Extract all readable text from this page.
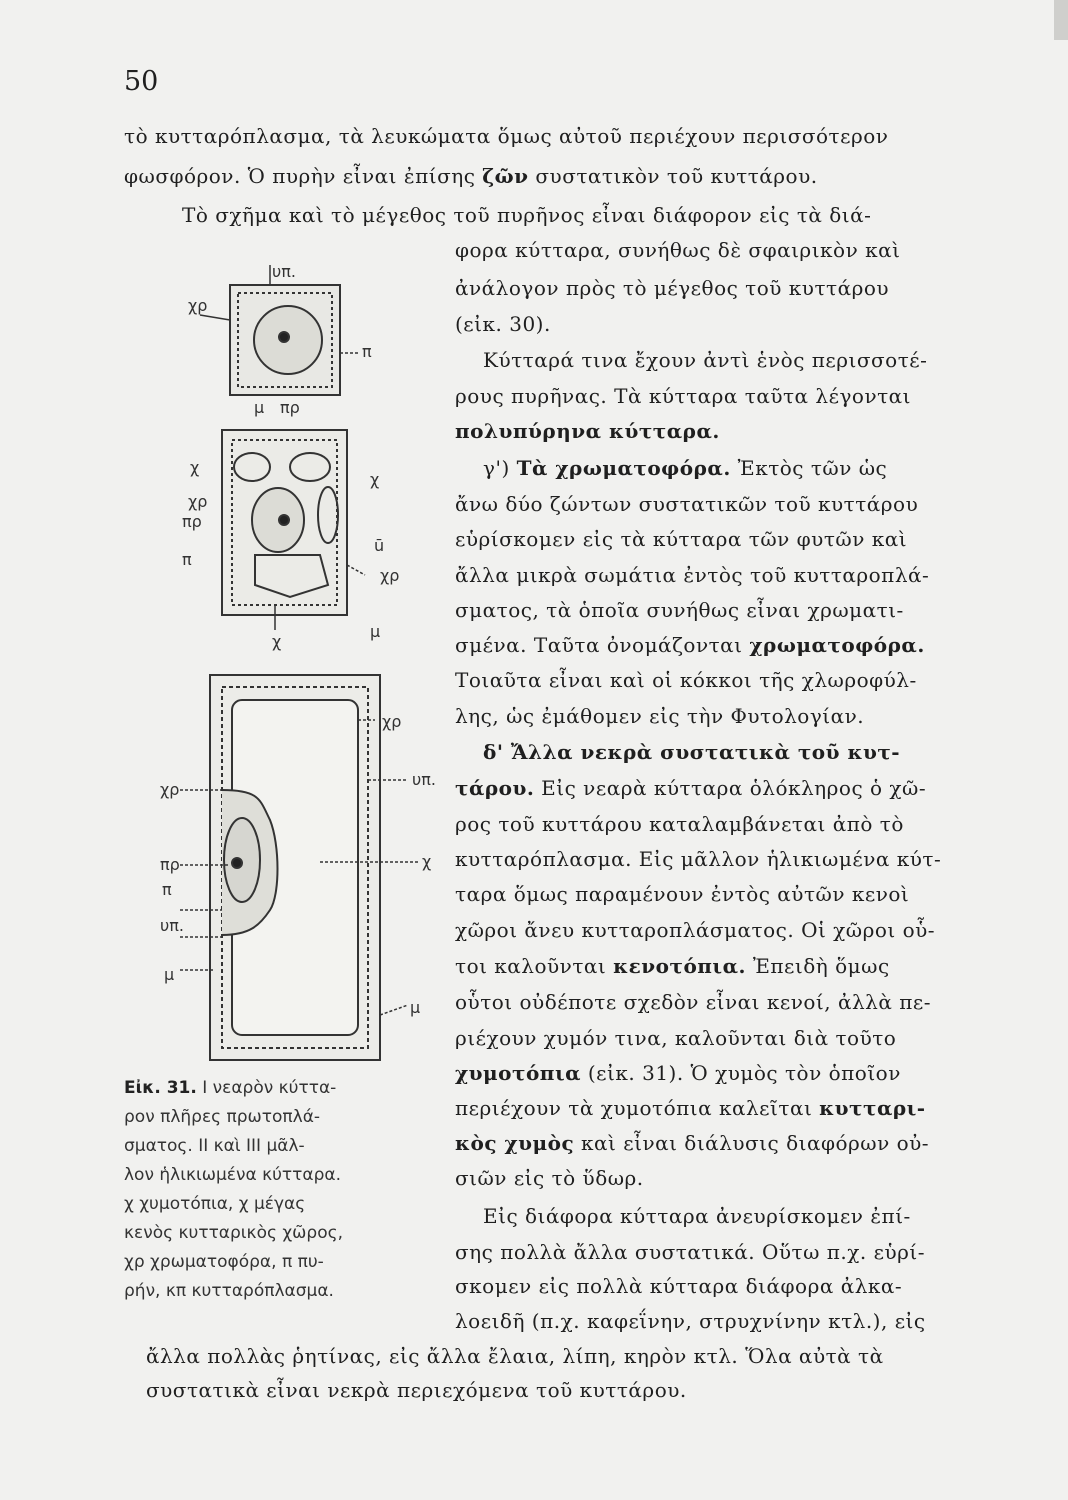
50
τὸ κυτταρόπλασμα, τὰ λευκώματα ὅμως αὐτοῦ περιέχουν περισσότερον
φωσφόρον. Ὁ πυρὴν εἶναι ἐπίσης ζῶν συστατικὸν τοῦ κυττάρου.
Τὸ σχῆμα καὶ τὸ μέγεθος τοῦ πυρῆνος εἶναι διάφορον εἰς τὰ διά-
φορα κύτταρα, συνήθως δὲ σφαιρικὸν καὶ
ἀνάλογον πρὸς τὸ μέγεθος τοῦ κυττάρου
(εἰκ. 30).
Κύτταρά τινα ἔχουν ἀντὶ ἑνὸς περισσοτέ-
ρους πυρῆνας. Τὰ κύτταρα ταῦτα λέγονται
πολυπύρηνα κύτταρα.
γ') Τὰ χρωματοφόρα. Ἐκτὸς τῶν ὡς
ἄνω δύο ζώντων συστατικῶν τοῦ κυττάρου
εὑρίσκομεν εἰς τὰ κύτταρα τῶν φυτῶν καὶ
ἄλλα μικρὰ σωμάτια ἐντὸς τοῦ κυτταροπλά-
σματος, τὰ ὁποῖα συνήθως εἶναι χρωματι-
σμένα. Ταῦτα ὀνομάζονται χρωματοφόρα.
Τοιαῦτα εἶναι καὶ οἱ κόκκοι τῆς χλωροφύλ-
λης, ὡς ἐμάθομεν εἰς τὴν Φυτολογίαν.
δ' Ἄλλα νεκρὰ συστατικὰ τοῦ κυτ-
τάρου. Εἰς νεαρὰ κύτταρα ὁλόκληρος ὁ χῶ-
ρος τοῦ κυττάρου καταλαμβάνεται ἀπὸ τὸ
κυτταρόπλασμα. Εἰς μᾶλλον ἡλικιωμένα κύτ-
ταρα ὅμως παραμένουν ἐντὸς αὐτῶν κενοὶ
χῶροι ἄνευ κυτταροπλάσματος. Οἱ χῶροι οὗ-
τοι καλοῦνται κενοτόπια. Ἐπειδὴ ὅμως
οὗτοι οὐδέποτε σχεδὸν εἶναι κενοί, ἀλλὰ πε-
ριέχουν χυμόν τινα, καλοῦνται διὰ τοῦτο
χυμοτόπια (εἰκ. 31). Ὁ χυμὸς τὸν ὁποῖον
περιέχουν τὰ χυμοτόπια καλεῖται κυτταρι-
κὸς χυμὸς καὶ εἶναι διάλυσις διαφόρων οὐ-
σιῶν εἰς τὸ ὕδωρ.
Εἰς διάφορα κύτταρα ἀνευρίσκομεν ἐπί-
σης πολλὰ ἄλλα συστατικά. Οὕτω π.χ. εὑρί-
σκομεν εἰς πολλὰ κύτταρα διάφορα ἀλκα-
λοειδῆ (π.χ. καφεΐνην, στρυχνίνην κτλ.), εἰς
ἄλλα πολλὰς ῥητίνας, εἰς ἄλλα ἔλαια, λίπη, κηρὸν κτλ. Ὅλα αὐτὰ τὰ
συστατικὰ εἶναι νεκρὰ περιεχόμενα τοῦ κυττάρου.
υπ.
χρ
π
πρ
μ
χ
χ
χρ
πρ
π
ū
χρ
χ
μ
χρ
υπ.
χ
χρ
πρ
π
υπ.
μ
μ
Εἰκ. 31. Ι νεαρὸν κύττα-
ρον πλῆρες πρωτοπλά-
σματος. ΙΙ καὶ ΙΙΙ μᾶλ-
λον ἡλικιωμένα κύτταρα.
χ χυμοτόπια, χ μέγας
κενὸς κυτταρικὸς χῶρος,
χρ χρωματοφόρα, π πυ-
ρήν, κπ κυτταρόπλασμα.
